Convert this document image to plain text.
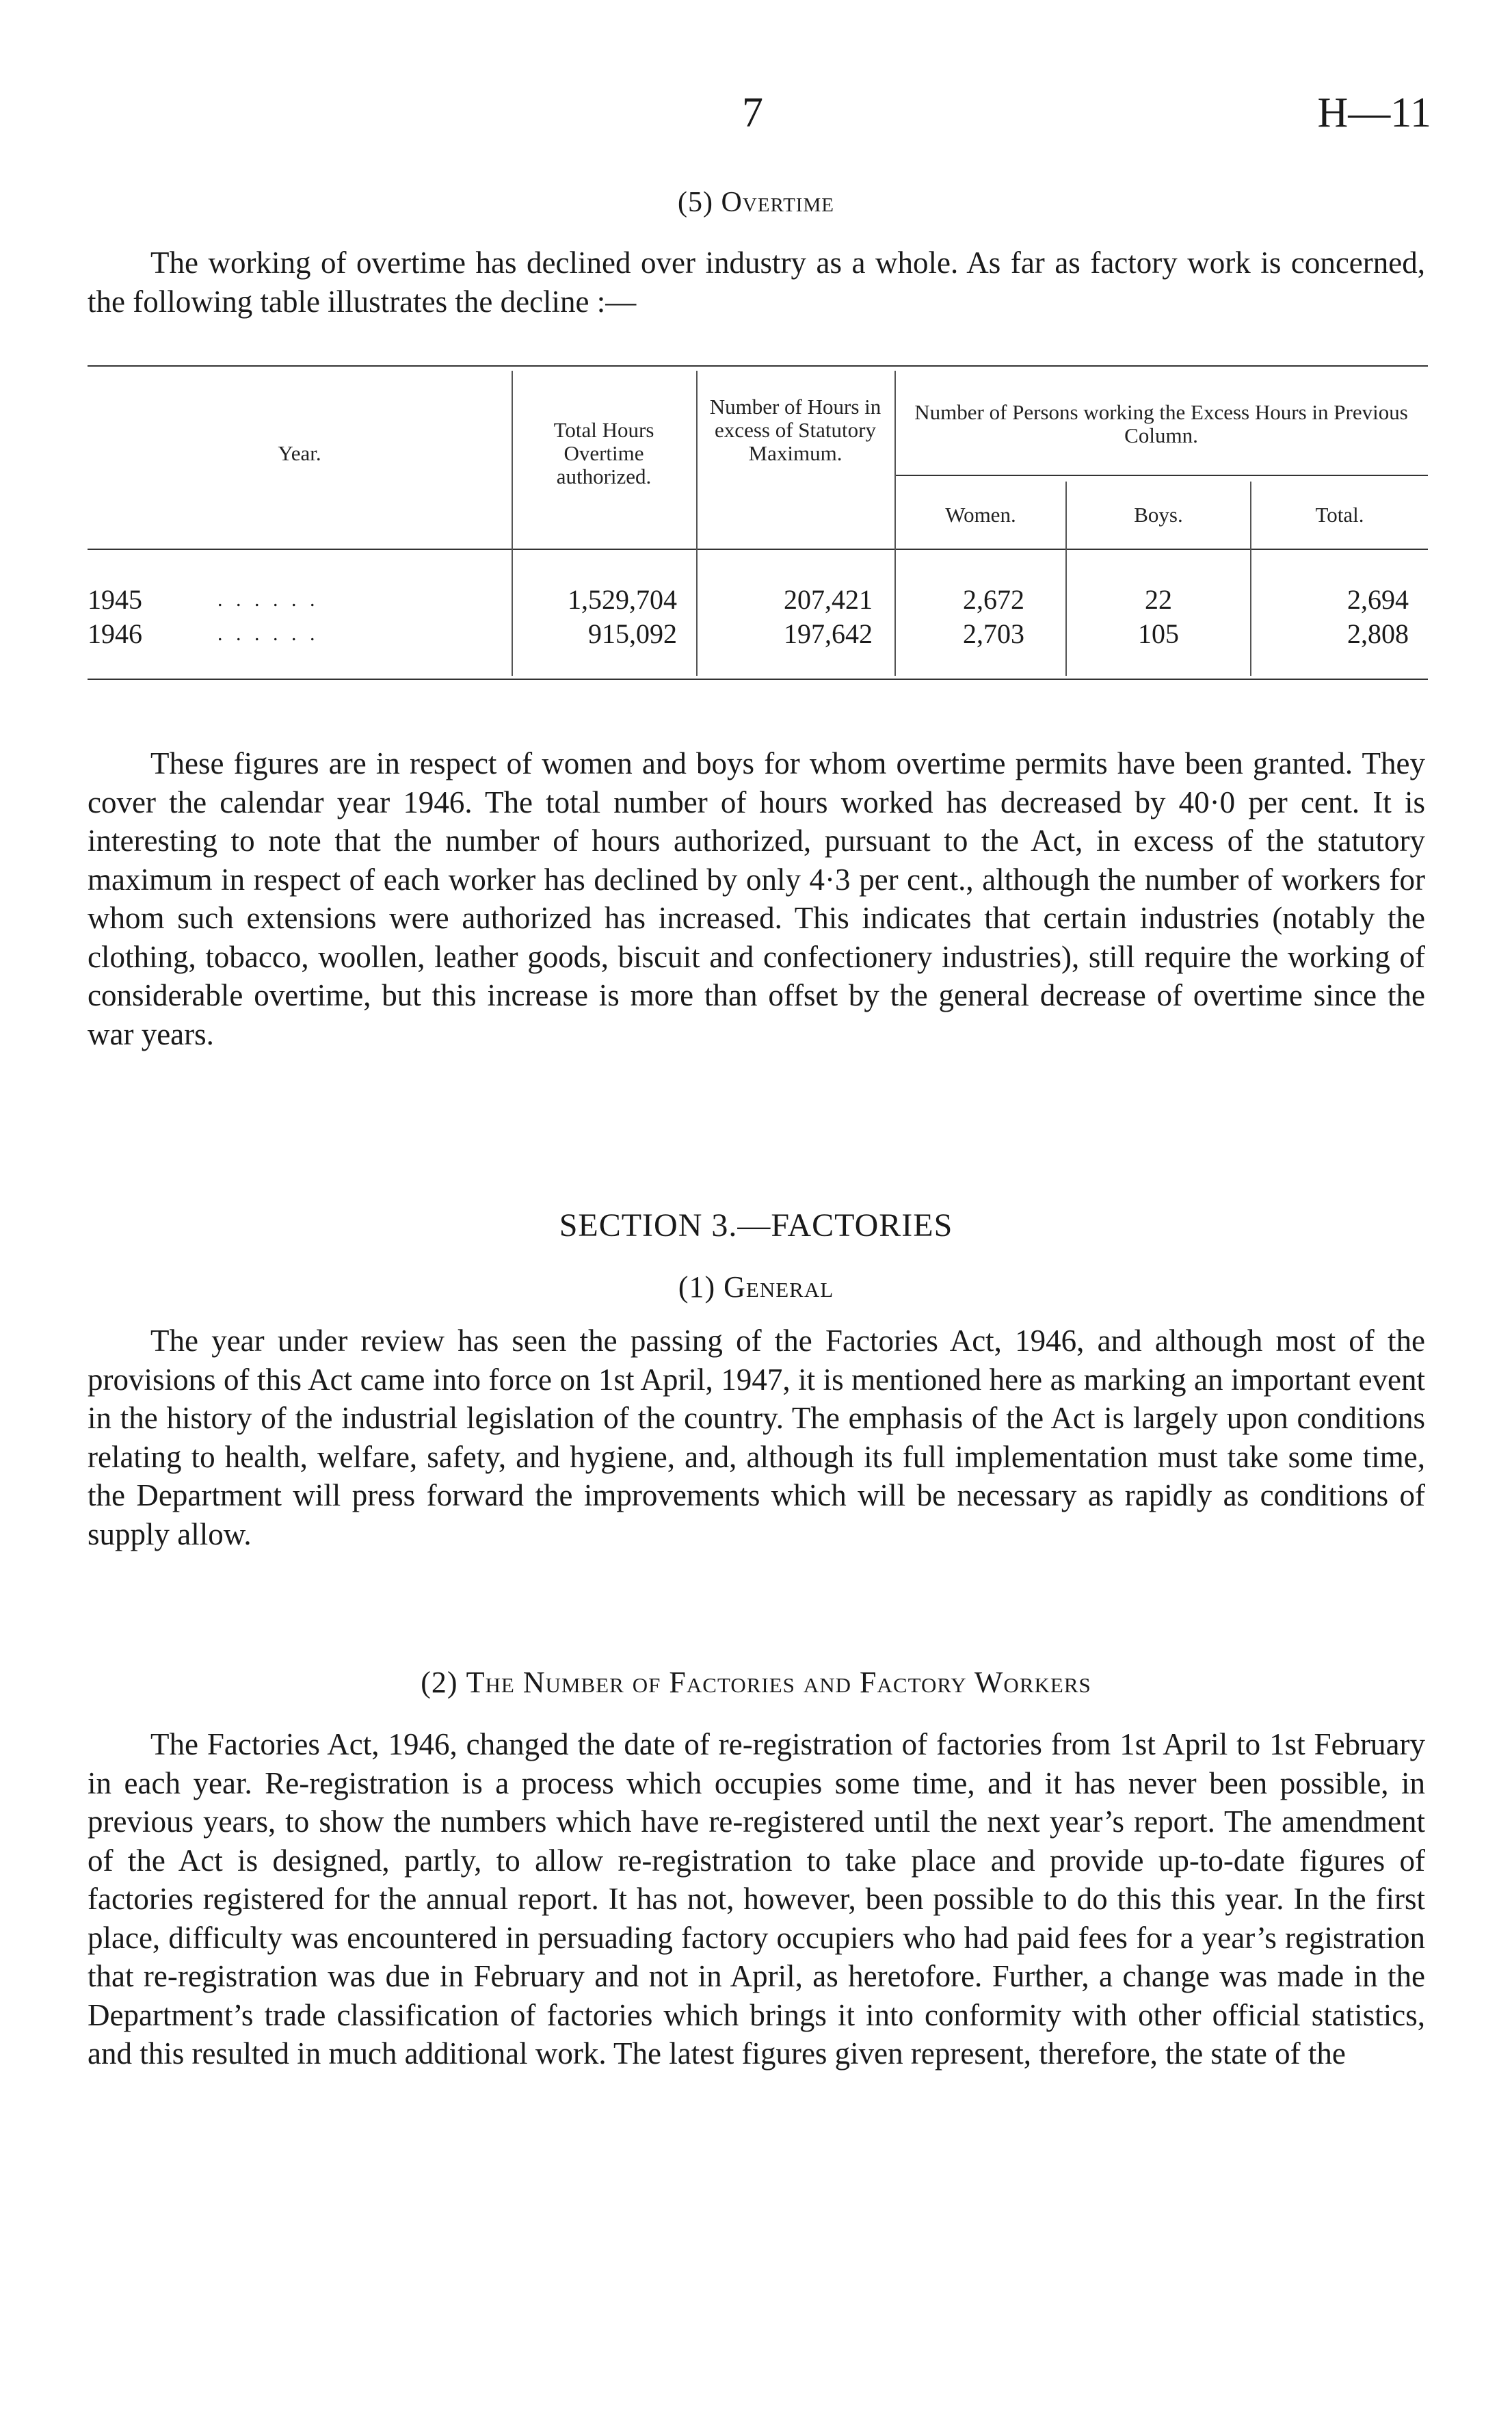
7	H—11
(5) Overtime
The working of overtime has declined over industry as a whole. As far as factory work is concerned, the following table illustrates the decline :—
Year.
Total Hours Overtime authorized.
Number of Hours in excess of Statutory Maximum.
Number of Persons working the Excess Hours in Previous Column.
Women.	Boys.	Total.
1945	. . . . . .	1,529,704	207,421	2,672	22	2,694
1946	. . . . . .	915,092	197,642	2,703	105	2,808
These figures are in respect of women and boys for whom overtime permits have been granted. They cover the calendar year 1946. The total number of hours worked has decreased by 40·0 per cent. It is interesting to note that the number of hours authorized, pursuant to the Act, in excess of the statutory maximum in respect of each worker has declined by only 4·3 per cent., although the number of workers for whom such extensions were authorized has increased. This indicates that certain industries (notably the clothing, tobacco, woollen, leather goods, biscuit and confectionery industries), still require the working of considerable overtime, but this increase is more than offset by the general decrease of overtime since the war years.
SECTION 3.—FACTORIES
(1) General
The year under review has seen the passing of the Factories Act, 1946, and although most of the provisions of this Act came into force on 1st April, 1947, it is mentioned here as marking an important event in the history of the industrial legislation of the country. The emphasis of the Act is largely upon conditions relating to health, welfare, safety, and hygiene, and, although its full implementation must take some time, the Department will press forward the improvements which will be necessary as rapidly as conditions of supply allow.
(2) The Number of Factories and Factory Workers
The Factories Act, 1946, changed the date of re-registration of factories from 1st April to 1st February in each year. Re-registration is a process which occupies some time, and it has never been possible, in previous years, to show the numbers which have re-registered until the next year’s report. The amendment of the Act is designed, partly, to allow re-registration to take place and provide up-to-date figures of factories registered for the annual report. It has not, however, been possible to do this this year. In the first place, difficulty was encountered in persuading factory occupiers who had paid fees for a year’s registration that re-registration was due in February and not in April, as heretofore. Further, a change was made in the Department’s trade classification of factories which brings it into conformity with other official statistics, and this resulted in much additional work. The latest figures given represent, therefore, the state of the
